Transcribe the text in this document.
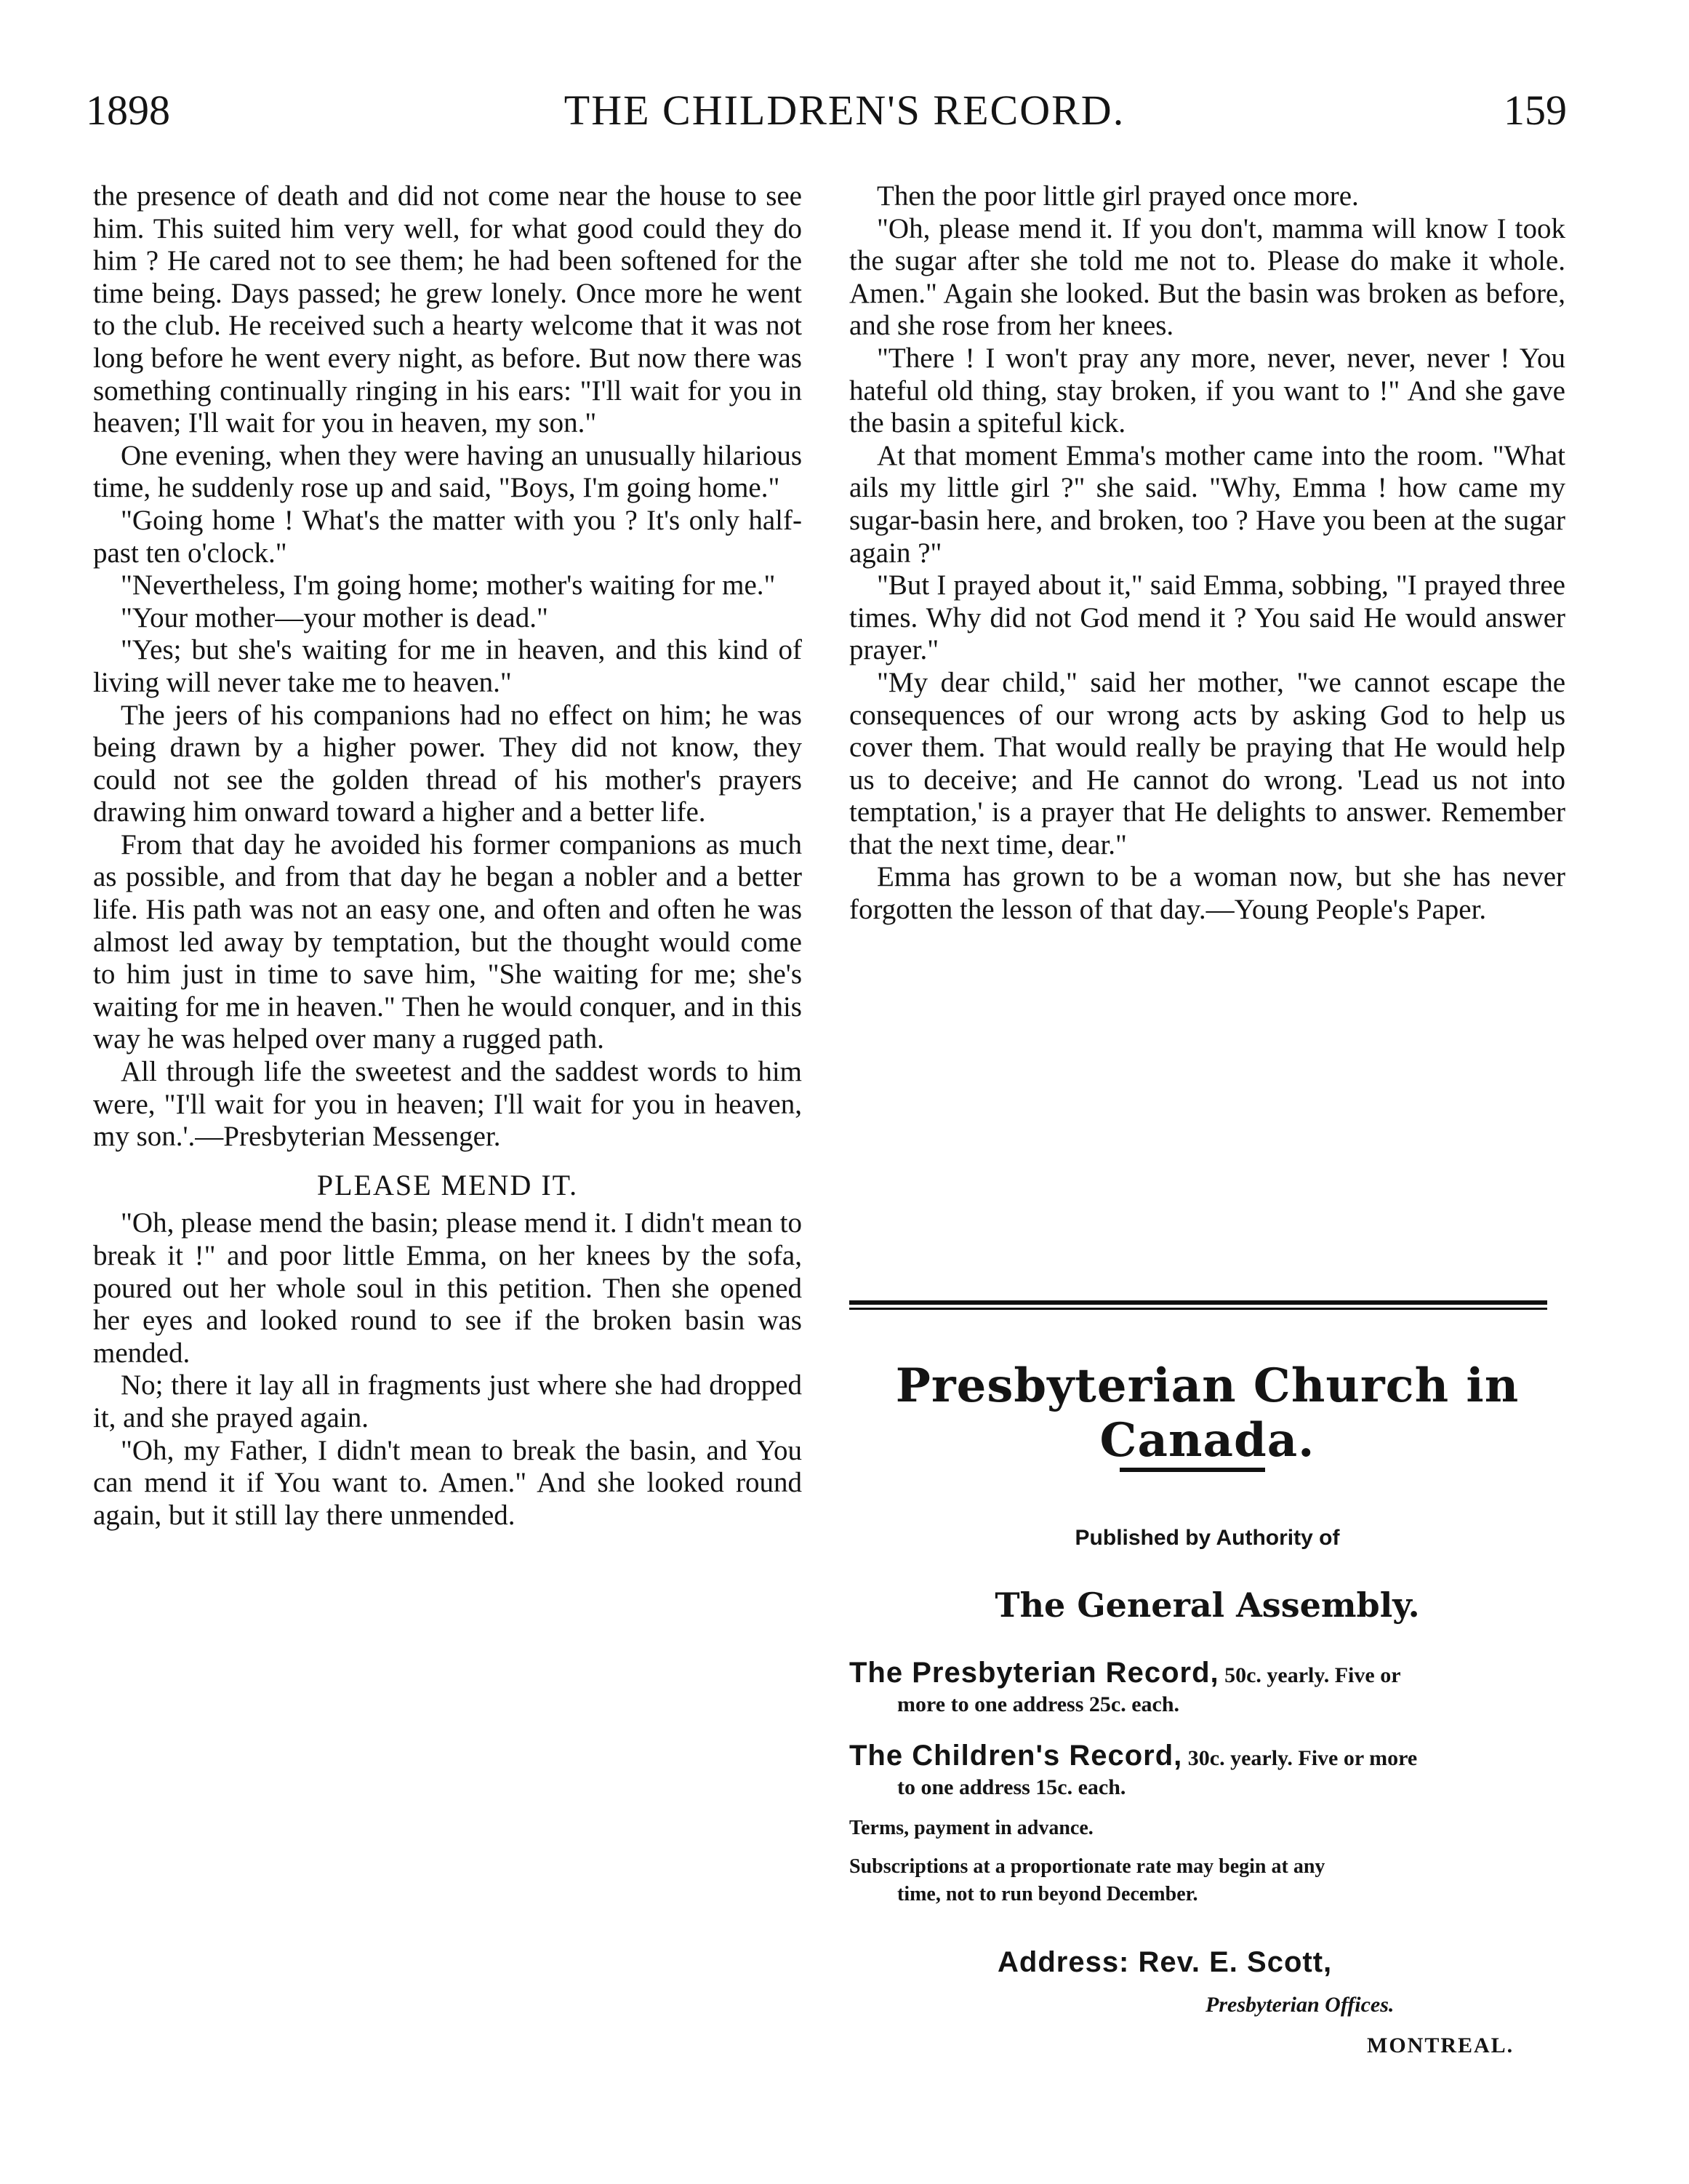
1898	THE CHILDREN'S RECORD.	159

the presence of death and did not come near the house to see him. This suited him very well, for what good could they do him ? He cared not to see them; he had been softened for the time being. Days passed; he grew lonely. Once more he went to the club. He received such a hearty welcome that it was not long before he went every night, as before. But now there was something continually ringing in his ears: "I'll wait for you in heaven; I'll wait for you in heaven, my son."

One evening, when they were having an unusually hilarious time, he suddenly rose up and said, "Boys, I'm going home."

"Going home ! What's the matter with you ? It's only half-past ten o'clock."

"Nevertheless, I'm going home; mother's waiting for me."

"Your mother—your mother is dead."

"Yes; but she's waiting for me in heaven, and this kind of living will never take me to heaven."

The jeers of his companions had no effect on him; he was being drawn by a higher power. They did not know, they could not see the golden thread of his mother's prayers drawing him onward toward a higher and a better life.

From that day he avoided his former companions as much as possible, and from that day he began a nobler and a better life. His path was not an easy one, and often and often he was almost led away by temptation, but the thought would come to him just in time to save him, "She waiting for me; she's waiting for me in heaven." Then he would conquer, and in this way he was helped over many a rugged path.

All through life the sweetest and the saddest words to him were, "I'll wait for you in heaven; I'll wait for you in heaven, my son.'.—Presbyterian Messenger.

PLEASE MEND IT.

"Oh, please mend the basin; please mend it. I didn't mean to break it !" and poor little Emma, on her knees by the sofa, poured out her whole soul in this petition. Then she opened her eyes and looked round to see if the broken basin was mended.

No; there it lay all in fragments just where she had dropped it, and she prayed again.

"Oh, my Father, I didn't mean to break the basin, and You can mend it if You want to. Amen." And she looked round again, but it still lay there unmended.

Then the poor little girl prayed once more.

"Oh, please mend it. If you don't, mamma will know I took the sugar after she told me not to. Please do make it whole. Amen." Again she looked. But the basin was broken as before, and she rose from her knees.

"There ! I won't pray any more, never, never, never ! You hateful old thing, stay broken, if you want to !" And she gave the basin a spiteful kick.

At that moment Emma's mother came into the room. "What ails my little girl ?" she said. "Why, Emma ! how came my sugar-basin here, and broken, too ? Have you been at the sugar again ?"

"But I prayed about it," said Emma, sobbing, "I prayed three times. Why did not God mend it ? You said He would answer prayer."

"My dear child," said her mother, "we cannot escape the consequences of our wrong acts by asking God to help us cover them. That would really be praying that He would help us to deceive; and He cannot do wrong. 'Lead us not into temptation,' is a prayer that He delights to answer. Remember that the next time, dear."

Emma has grown to be a woman now, but she has never forgotten the lesson of that day.—Young People's Paper.

Presbyterian Church in Canada.
Published by Authority of
The General Assembly.
The Presbyterian Record, 50c. yearly. Five or
more to one address 25c. each.
The Children's Record, 30c. yearly. Five or more
to one address 15c. each.
Terms, payment in advance.
Subscriptions at a proportionate rate may begin at any
time, not to run beyond December.
Address: Rev. E. Scott,
Presbyterian Offices.
MONTREAL.
